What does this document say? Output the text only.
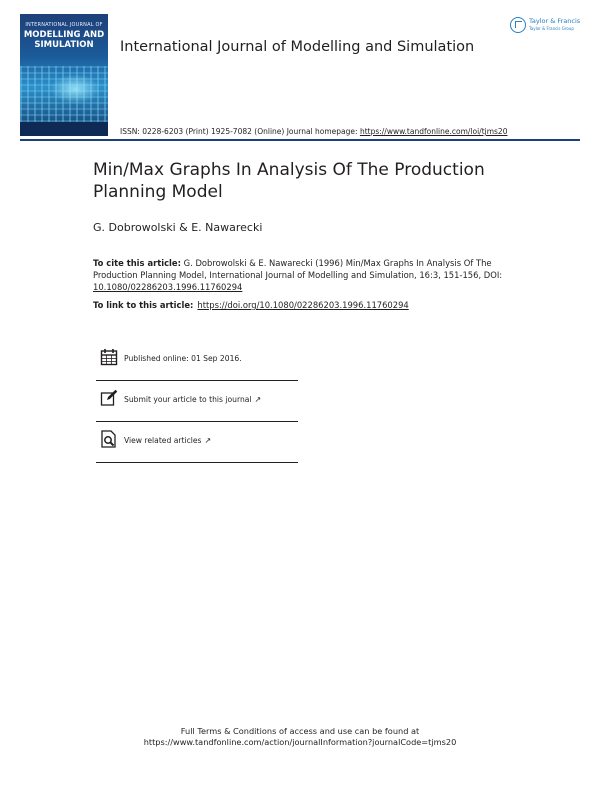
INTERNATIONAL JOURNAL OF
MODELLING AND SIMULATION	International Journal of Modelling and Simulation
Taylor & Francis
Taylor & Francis Group
ISSN: 0228-6203 (Print) 1925-7082 (Online) Journal homepage: https://www.tandfonline.com/loi/tjms20
Min/Max Graphs In Analysis Of The Production Planning Model
G. Dobrowolski & E. Nawarecki
To cite this article: G. Dobrowolski & E. Nawarecki (1996) Min/Max Graphs In Analysis Of The Production Planning Model, International Journal of Modelling and Simulation, 16:3, 151-156, DOI: 10.1080/02286203.1996.11760294
To link to this article: https://doi.org/10.1080/02286203.1996.11760294
Published online: 01 Sep 2016.
Submit your article to this journal ↗
View related articles ↗
Full Terms & Conditions of access and use can be found at
https://www.tandfonline.com/action/journalInformation?journalCode=tjms20
